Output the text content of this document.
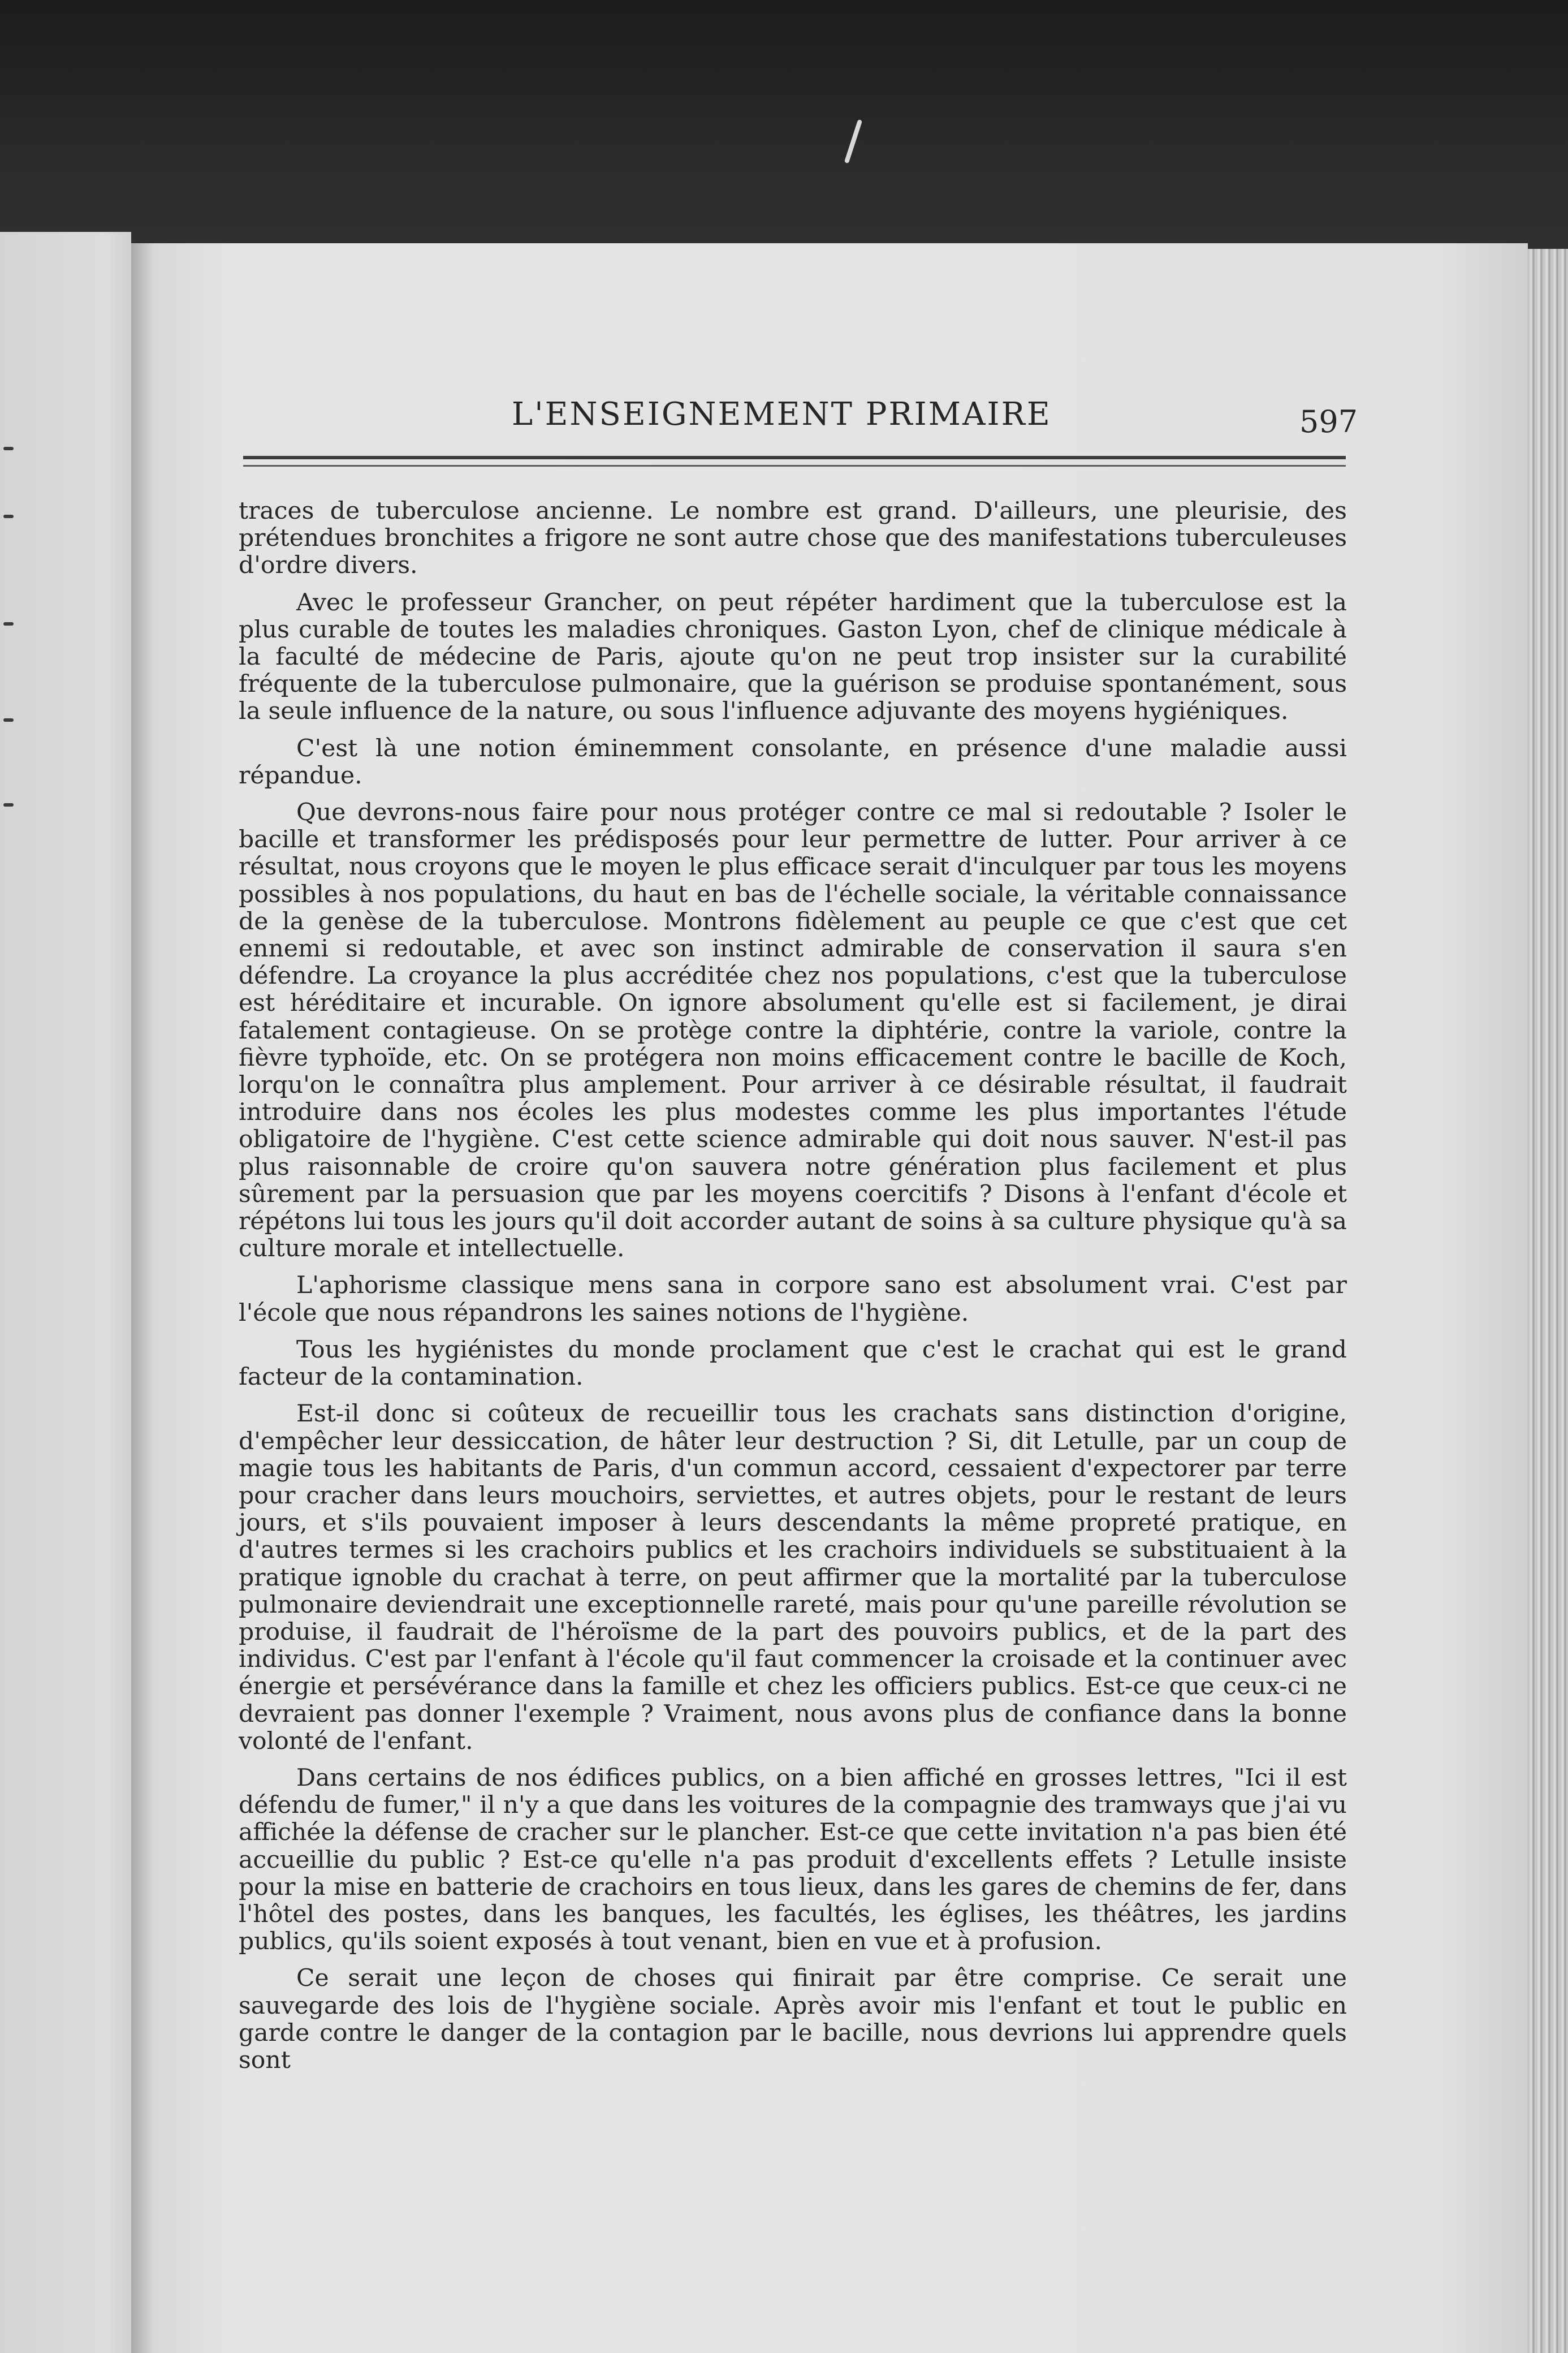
L'ENSEIGNEMENT PRIMAIRE	597

traces de tuberculose ancienne. Le nombre est grand. D'ailleurs, une pleurisie, des prétendues bronchites a frigore ne sont autre chose que des manifestations tuberculeuses d'ordre divers.

Avec le professeur Grancher, on peut répéter hardiment que la tuberculose est la plus curable de toutes les maladies chroniques. Gaston Lyon, chef de clinique médicale à la faculté de médecine de Paris, ajoute qu'on ne peut trop insister sur la curabilité fréquente de la tuberculose pulmonaire, que la guérison se produise spontanément, sous la seule influence de la nature, ou sous l'influence adjuvante des moyens hygiéniques.

C'est là une notion éminemment consolante, en présence d'une maladie aussi répandue.

Que devrons-nous faire pour nous protéger contre ce mal si redoutable ? Isoler le bacille et transformer les prédisposés pour leur permettre de lutter. Pour arriver à ce résultat, nous croyons que le moyen le plus efficace serait d'inculquer par tous les moyens possibles à nos populations, du haut en bas de l'échelle sociale, la véritable connaissance de la genèse de la tuberculose. Montrons fidèlement au peuple ce que c'est que cet ennemi si redoutable, et avec son instinct admirable de conservation il saura s'en défendre. La croyance la plus accréditée chez nos populations, c'est que la tuberculose est héréditaire et incurable. On ignore absolument qu'elle est si facilement, je dirai fatalement contagieuse. On se protège contre la diphtérie, contre la variole, contre la fièvre typhoïde, etc. On se protégera non moins efficacement contre le bacille de Koch, lorqu'on le connaîtra plus amplement. Pour arriver à ce désirable résultat, il faudrait introduire dans nos écoles les plus modestes comme les plus importantes l'étude obligatoire de l'hygiène. C'est cette science admirable qui doit nous sauver. N'est-il pas plus raisonnable de croire qu'on sauvera notre génération plus facilement et plus sûrement par la persuasion que par les moyens coercitifs ? Disons à l'enfant d'école et répétons lui tous les jours qu'il doit accorder autant de soins à sa culture physique qu'à sa culture morale et intellectuelle.

L'aphorisme classique mens sana in corpore sano est absolument vrai. C'est par l'école que nous répandrons les saines notions de l'hygiène.

Tous les hygiénistes du monde proclament que c'est le crachat qui est le grand facteur de la contamination.

Est-il donc si coûteux de recueillir tous les crachats sans distinction d'origine, d'empêcher leur dessiccation, de hâter leur destruction ? Si, dit Letulle, par un coup de magie tous les habitants de Paris, d'un commun accord, cessaient d'expectorer par terre pour cracher dans leurs mouchoirs, serviettes, et autres objets, pour le restant de leurs jours, et s'ils pouvaient imposer à leurs descendants la même propreté pratique, en d'autres termes si les crachoirs publics et les crachoirs individuels se substituaient à la pratique ignoble du crachat à terre, on peut affirmer que la mortalité par la tuberculose pulmonaire deviendrait une exceptionnelle rareté, mais pour qu'une pareille révolution se produise, il faudrait de l'héroïsme de la part des pouvoirs publics, et de la part des individus. C'est par l'enfant à l'école qu'il faut commencer la croisade et la continuer avec énergie et persévérance dans la famille et chez les officiers publics. Est-ce que ceux-ci ne devraient pas donner l'exemple ? Vraiment, nous avons plus de confiance dans la bonne volonté de l'enfant.

Dans certains de nos édifices publics, on a bien affiché en grosses lettres, "Ici il est défendu de fumer," il n'y a que dans les voitures de la compagnie des tramways que j'ai vu affichée la défense de cracher sur le plancher. Est-ce que cette invitation n'a pas bien été accueillie du public ? Est-ce qu'elle n'a pas produit d'excellents effets ? Letulle insiste pour la mise en batterie de crachoirs en tous lieux, dans les gares de chemins de fer, dans l'hôtel des postes, dans les banques, les facultés, les églises, les théâtres, les jardins publics, qu'ils soient exposés à tout venant, bien en vue et à profusion.

Ce serait une leçon de choses qui finirait par être comprise. Ce serait une sauvegarde des lois de l'hygiène sociale. Après avoir mis l'enfant et tout le public en garde contre le danger de la contagion par le bacille, nous devrions lui apprendre quels sont
